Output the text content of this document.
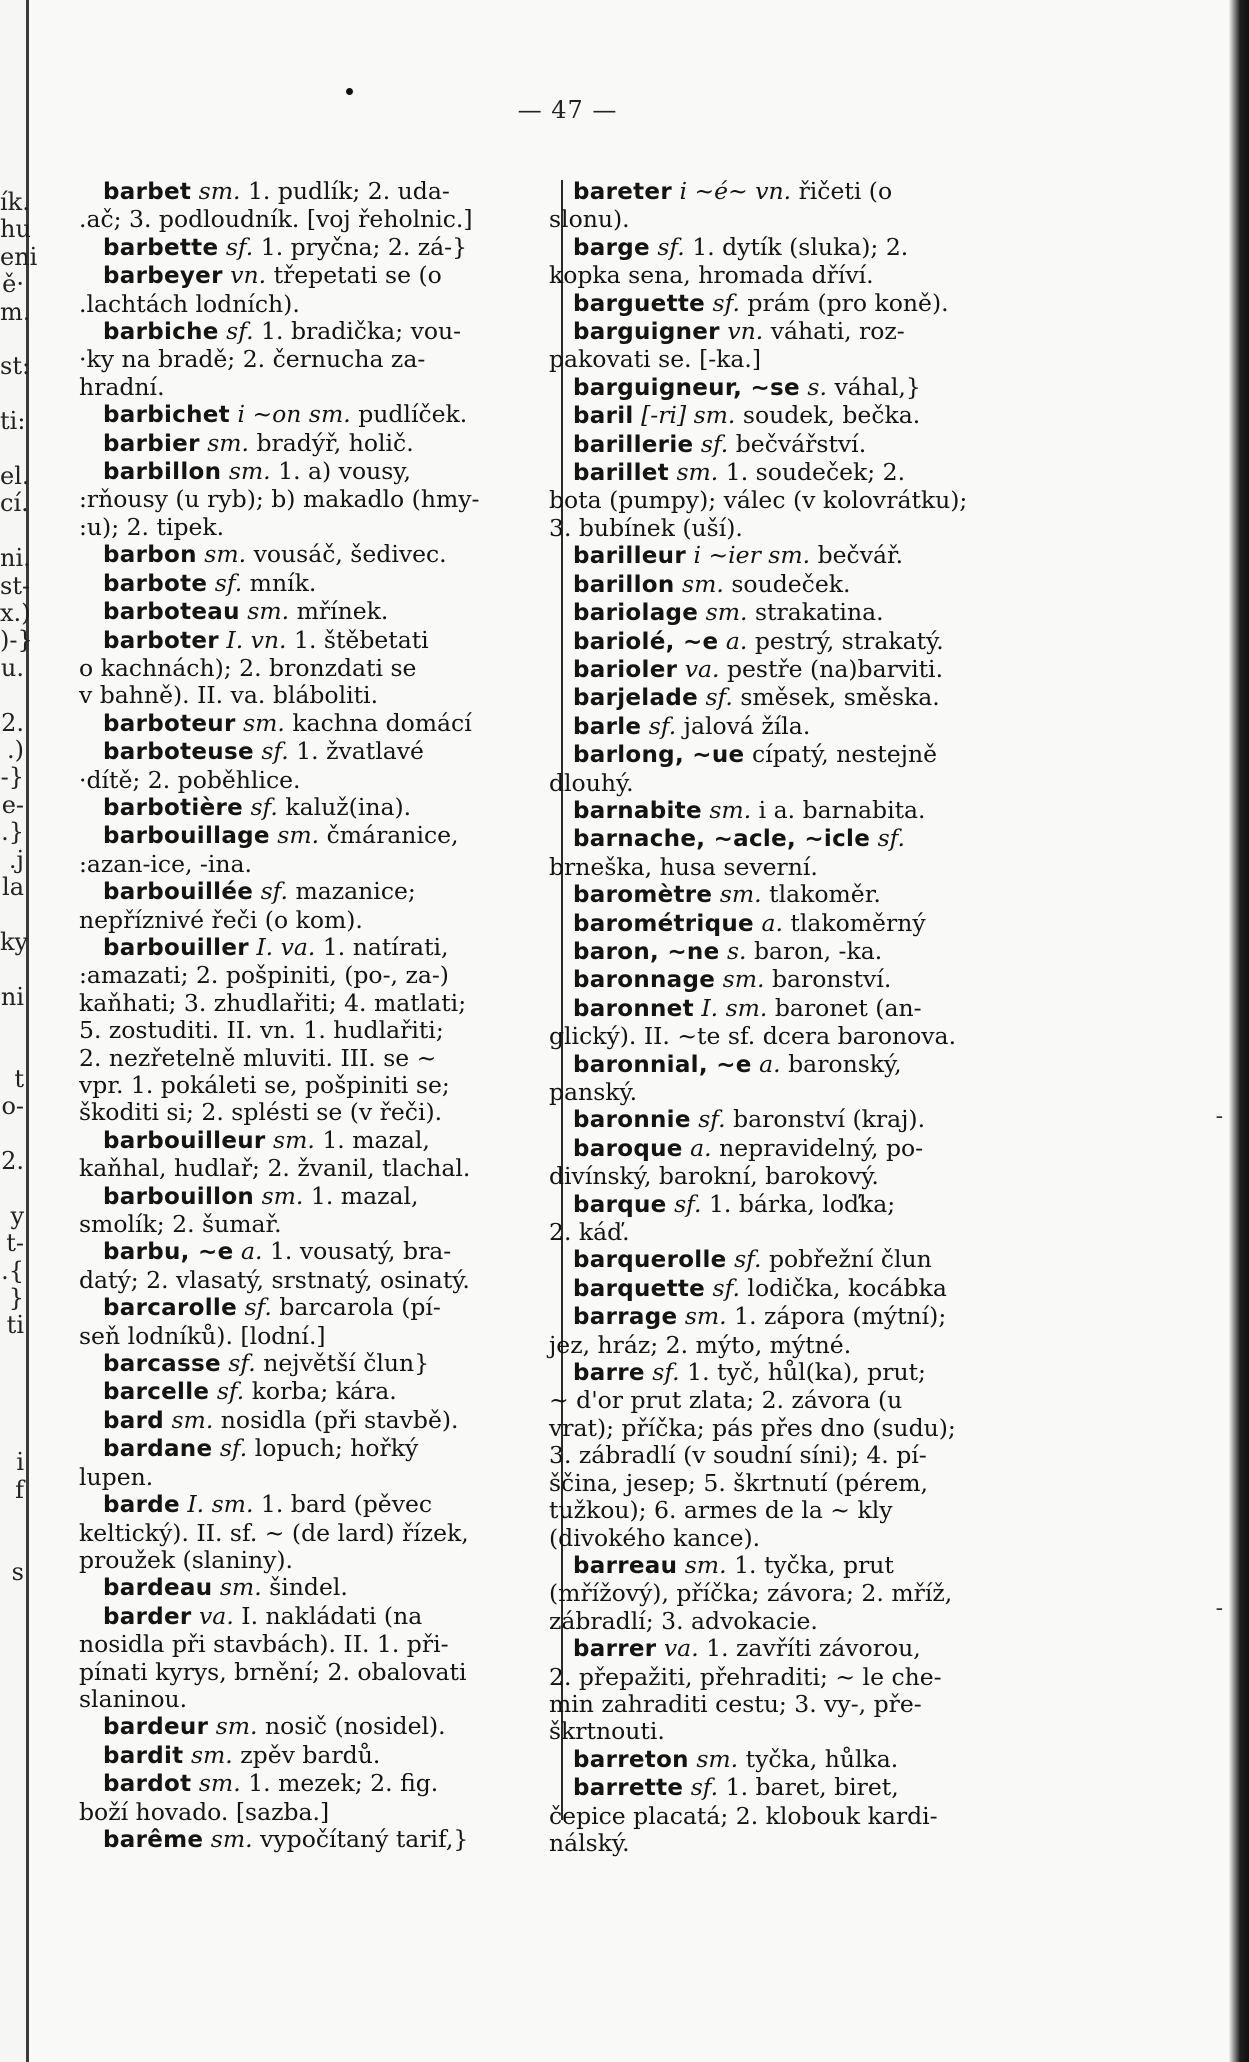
ík.
hu
eni
ě·
m.
st:
ti:
el.
cí.
ni.
st-
x.)
)-}
u.
2.
.)
-}
e-
.}
.j
la
ky
ni
t
o-
2.
y
t-
.{
}
ti
i
f
s
— 47 —
barbet sm. 1. pudlík; 2. uda-
.ač; 3. podloudník. [voj řeholnic.]
barbette sf. 1. pryčna; 2. zá-}
barbeyer vn. třepetati se (o
.lachtách lodních).
barbiche sf. 1. bradička; vou-
·ky na bradě; 2. černucha za-
hradní.
barbichet i ~on sm. pudlíček.
barbier sm. bradýř, holič.
barbillon sm. 1. a) vousy,
:rňousy (u ryb); b) makadlo (hmy-
:u); 2. tipek.
barbon sm. vousáč, šedivec.
barbote sf. mník.
barboteau sm. mřínek.
barboter I. vn. 1. štěbetati
o kachnách); 2. bronzdati se
v bahně). II. va. bláboliti.
barboteur sm. kachna domácí
barboteuse sf. 1. žvatlavé
·dítě; 2. poběhlice.
barbotière sf. kaluž(ina).
barbouillage sm. čmáranice,
:azan-ice, -ina.
barbouillée sf. mazanice;
nepříznivé řeči (o kom).
barbouiller I. va. 1. natírati,
:amazati; 2. pošpiniti, (po-, za-)
kaňhati; 3. zhudlařiti; 4. matlati;
5. zostuditi. II. vn. 1. hudlařiti;
2. nezřetelně mluviti. III. se ~
vpr. 1. pokáleti se, pošpiniti se;
škoditi si; 2. splésti se (v řeči).
barbouilleur sm. 1. mazal,
kaňhal, hudlař; 2. žvanil, tlachal.
barbouillon sm. 1. mazal,
smolík; 2. šumař.
barbu, ~e a. 1. vousatý, bra-
datý; 2. vlasatý, srstnatý, osinatý.
barcarolle sf. barcarola (pí-
seň lodníků). [lodní.]
barcasse sf. největší člun}
barcelle sf. korba; kára.
bard sm. nosidla (při stavbě).
bardane sf. lopuch; hořký
lupen.
barde I. sm. 1. bard (pěvec
keltický). II. sf. ~ (de lard) řízek,
proužek (slaniny).
bardeau sm. šindel.
barder va. I. nakládati (na
nosidla při stavbách). II. 1. při-
pínati kyrys, brnění; 2. obalovati
slaninou.
bardeur sm. nosič (nosidel).
bardit sm. zpěv bardů.
bardot sm. 1. mezek; 2. fig.
boží hovado. [sazba.]
barême sm. vypočítaný tarif,}
bareter i ~é~ vn. řičeti (o
slonu).
barge sf. 1. dytík (sluka); 2.
kopka sena, hromada dříví.
barguette sf. prám (pro koně).
barguigner vn. váhati, roz-
pakovati se. [-ka.]
barguigneur, ~se s. váhal,}
baril [-ri] sm. soudek, bečka.
barillerie sf. bečvářství.
barillet sm. 1. soudeček; 2.
bota (pumpy); válec (v kolovrátku);
3. bubínek (uší).
barilleur i ~ier sm. bečvář.
barillon sm. soudeček.
bariolage sm. strakatina.
bariolé, ~e a. pestrý, strakatý.
barioler va. pestře (na)barviti.
barjelade sf. směsek, směska.
barle sf. jalová žíla.
barlong, ~ue cípatý, nestejně
dlouhý.
barnabite sm. i a. barnabita.
barnache, ~acle, ~icle sf.
brneška, husa severní.
baromètre sm. tlakoměr.
barométrique a. tlakoměrný
baron, ~ne s. baron, -ka.
baronnage sm. baronství.
baronnet I. sm. baronet (an-
glický). II. ~te sf. dcera baronova.
baronnial, ~e a. baronský,
panský.
baronnie sf. baronství (kraj).
baroque a. nepravidelný, po-
divínský, barokní, barokový.
barque sf. 1. bárka, loďka;
2. káď.
barquerolle sf. pobřežní člun
barquette sf. lodička, kocábka
barrage sm. 1. zápora (mýtní);
jez, hráz; 2. mýto, mýtné.
barre sf. 1. tyč, hůl(ka), prut;
~ d'or prut zlata; 2. závora (u
vrat); příčka; pás přes dno (sudu);
3. zábradlí (v soudní síni); 4. pí-
ščina, jesep; 5. škrtnutí (pérem,
tužkou); 6. armes de la ~ kly
(divokého kance).
barreau sm. 1. tyčka, prut
(mřížový), příčka; závora; 2. mříž,
zábradlí; 3. advokacie.
barrer va. 1. zavříti závorou,
2. přepažiti, přehraditi; ~ le che-
min zahraditi cestu; 3. vy-, pře-
škrtnouti.
barreton sm. tyčka, hůlka.
barrette sf. 1. baret, biret,
čepice placatá; 2. klobouk kardi-
nálský.
-
-
